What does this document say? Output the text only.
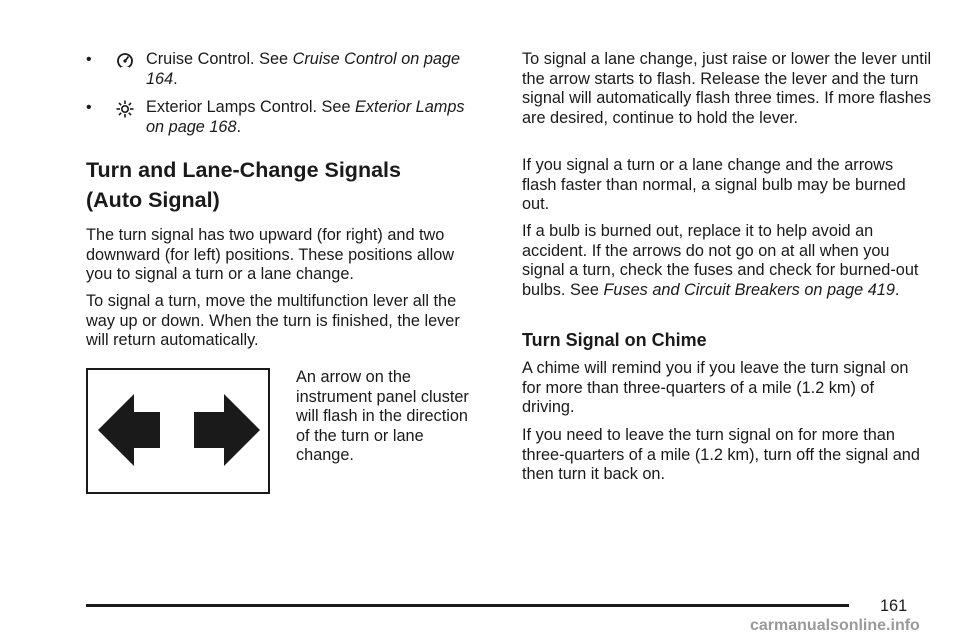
•	Cruise Control. See Cruise Control on page 164.
•	Exterior Lamps Control. See Exterior Lamps on page 168.
Turn and Lane-Change Signals
(Auto Signal)

The turn signal has two upward (for right) and two downward (for left) positions. These positions allow you to signal a turn or a lane change.

To signal a turn, move the multifunction lever all the way up or down. When the turn is finished, the lever will return automatically.

An arrow on the instrument panel cluster will flash in the direction of the turn or lane change.

To signal a lane change, just raise or lower the lever until the arrow starts to flash. Release the lever and the turn signal will automatically flash three times. If more flashes are desired, continue to hold the lever.

If you signal a turn or a lane change and the arrows flash faster than normal, a signal bulb may be burned out.

If a bulb is burned out, replace it to help avoid an accident. If the arrows do not go on at all when you signal a turn, check the fuses and check for burned-out bulbs. See Fuses and Circuit Breakers on page 419.

Turn Signal on Chime

A chime will remind you if you leave the turn signal on for more than three-quarters of a mile (1.2 km) of driving.

If you need to leave the turn signal on for more than three-quarters of a mile (1.2 km), turn off the signal and then turn it back on.

161
carmanualsonline.info
